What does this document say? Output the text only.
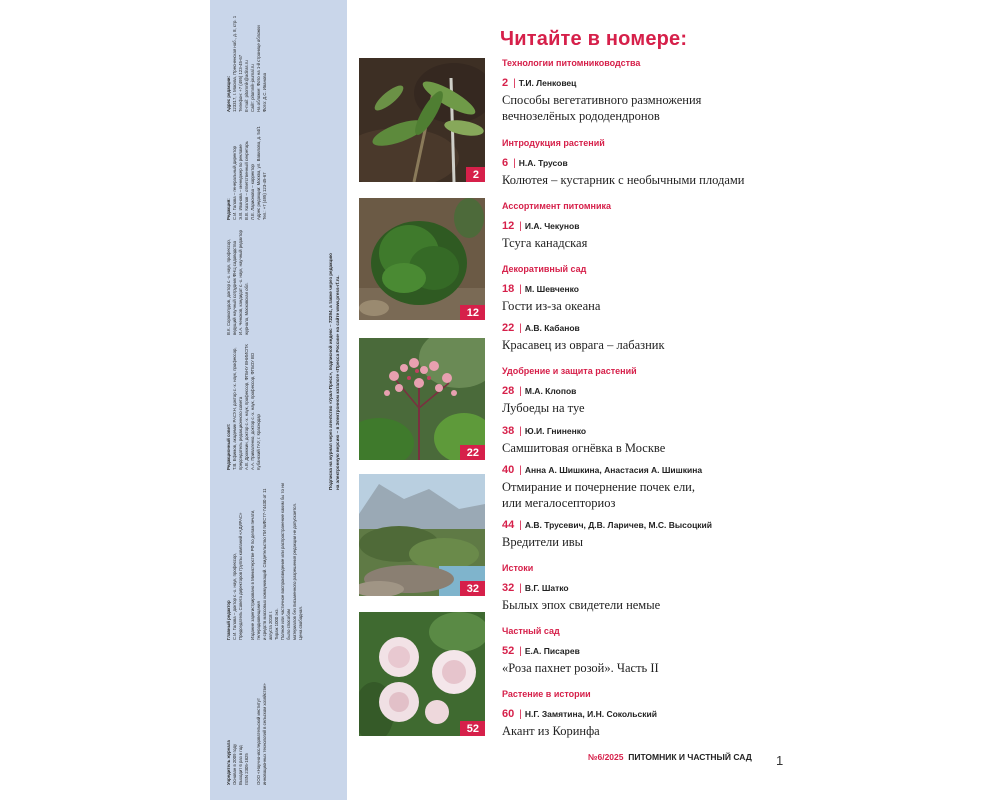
Учредитель журнала
Основан в 2009 году
Выходит 6 раз в год
ISSN 2305-1825

ООО «Научно-исследовательский институт
инновационных технологий в сельском хозяйстве»
Главный редактор
С.И. Голова – доктор с.-х. наук, профессор,
Председатель Совета директоров Группы компаний «АДИРАС»

Издание зарегистрировано в Министерстве РФ по делам печати, телерадиовещания
и средств массовых коммуникаций. Свидетельство ПИ №ФС77-74430 от 11 августа 2018 г.
Тираж 1000 экз.
Полное или частичное воспроизведение или распространение каким бы то ни было способом
материалов без письменного разрешения редакции не допускается.
Цена свободная.
Редакционный совет:
Т.В. Ефимов, академик РАСХН, доктор с.-х. наук, профессор,
председатель редакционного совета
А.В. Дрожжин, доктор с.-х. наук, профессор, ФГБНУ ВНИИСПК
А.А. Приваленко, доктор с.-х. наук, профессор, ФГБОУ ВО Кубанский ГАУ, г. Краснодар
В.К. Сорокопудов, доктор с.-х. наук, профессор,
ведущий научный сотрудник ФНЦ садоводства
И.А. Ченоков, кандидат с.-х. наук, научный редактор журнала, Московская обл.
Редакция:
С.И. Голова – генеральный директор
Э.В. Иванова – менеджер по рекламе
В.В. Козлов – ответственный секретарь
Л.Е. Ларионова – корректор
Адрес редакции: Москва, ул. Вавилова, д. 54/1
Тел.: +7 (495) 123-45-67
Адрес редакции:
123317, г. Москва, Пресненская наб., д. 8, стр. 1
Телефон: +7 (495) 123-45-67
E-mail: pitomnik@adiras.ru
Сайт: pitomnik-journal.ru
На обложке: Фото на 1-й странице обложки
Фото: Д.С. Иванова
Подписка на журнал через агентство «Урал-Пресс», подписной индекс – 72294, а также через редакцию
на электронную версию – в Электронном каталоге «Пресса России» на сайте www.press-rf.ru.
2
12
22
32
52
Читайте в номере:
Технологии питомниководства
2 | Т.И. Ленковец
Способы вегетативного размножения
вечнозелёных рододендронов
Интродукция растений
6 | Н.А. Трусов
Колютея – кустарник с необычными плодами
Ассортимент питомника
12 | И.А. Чекунов
Тсуга канадская
Декоративный сад
18 | М. Шевченко
Гости из-за океана
22 | А.В. Кабанов
Красавец из оврага – лабазник
Удобрение и защита растений
28 | М.А. Клопов
Лубоеды на туе
38 | Ю.И. Гниненко
Самшитовая огнёвка в Москве
40 | Анна А. Шишкина, Анастасия А. Шишкина
Отмирание и почернение почек ели,
или мегалосепториоз
44 | А.В. Трусевич, Д.В. Ларичев, М.С. Высоцкий
Вредители ивы
Истоки
32 | В.Г. Шатко
Былых эпох свидетели немые
Частный сад
52 | Е.А. Писарев
«Роза пахнет розой». Часть II
Растение в истории
60 | Н.Г. Замятина, И.Н. Сокольский
Акант из Коринфа
№6/2025 ПИТОМНИК И ЧАСТНЫЙ САД 1
